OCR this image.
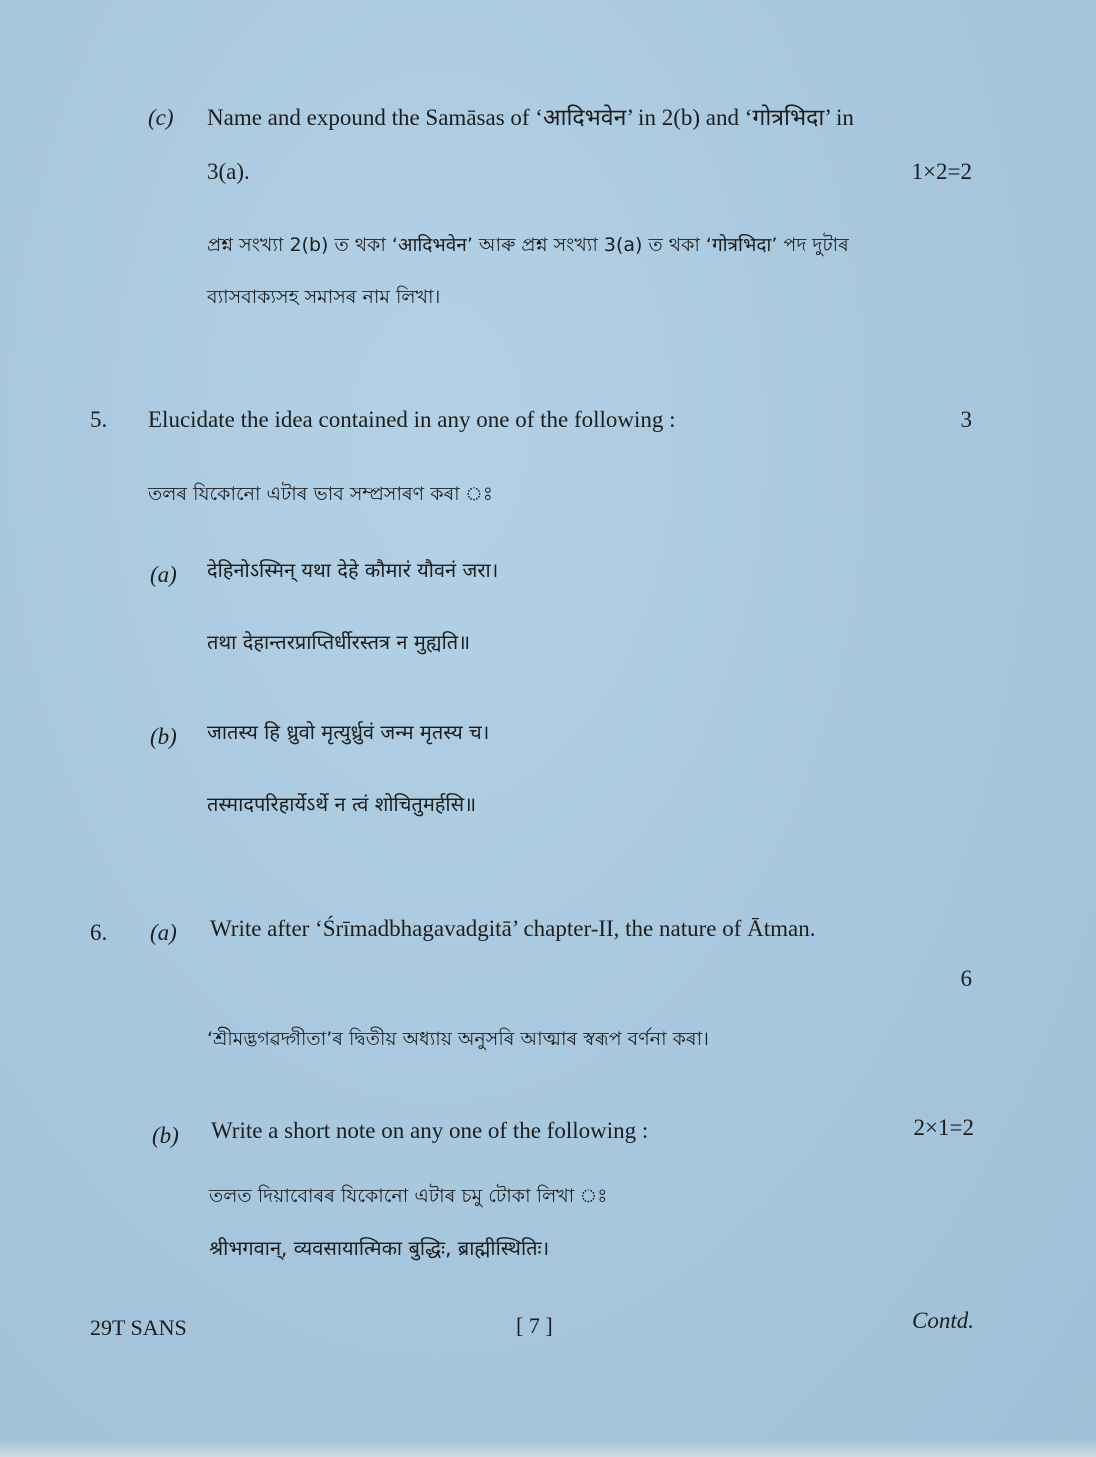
(c) Name and expound the Samāsas of ‘आदिभवेन’ in 2(b) and ‘गोत्रभिदा’ in
3(a).	1×2=2
প্ৰশ্ন সংখ্যা 2(b) ত থকা ‘आदिभवेन’ আৰু প্ৰশ্ন সংখ্যা 3(a) ত থকা ‘गोत्रभिदा’ পদ দুটাৰ
ব্যাসবাক্যসহ সমাসৰ নাম লিখা।
5. Elucidate the idea contained in any one of the following :	3
তলৰ যিকোনো এটাৰ ভাব সম্প্ৰসাৰণ কৰা ঃ
(a) देहिनोऽस्मिन् यथा देहे कौमारं यौवनं जरा।
तथा देहान्तरप्राप्तिर्धीरस्तत्र न मुह्यति॥
(b) जातस्य हि ध्रुवो मृत्युर्ध्रुवं जन्म मृतस्य च।
तस्मादपरिहार्येऽर्थे न त्वं शोचितुमर्हसि॥
6. (a) Write after ‘Śrīmadbhagavadgitā’ chapter-II, the nature of Ātman.
6
‘শ্ৰীমদ্ভগৱদ্গীতা’ৰ দ্বিতীয় অধ্যায় অনুসৰি আত্মাৰ স্বৰূপ বৰ্ণনা কৰা।
(b) Write a short note on any one of the following :	2×1=2
তলত দিয়াবোৰৰ যিকোনো এটাৰ চমু টোকা লিখা ঃ
श्रीभगवान्, व्यवसायात्मिका बुद्धिः, ब्राह्मीस्थितिः।
29T SANS	[ 7 ]	Contd.
